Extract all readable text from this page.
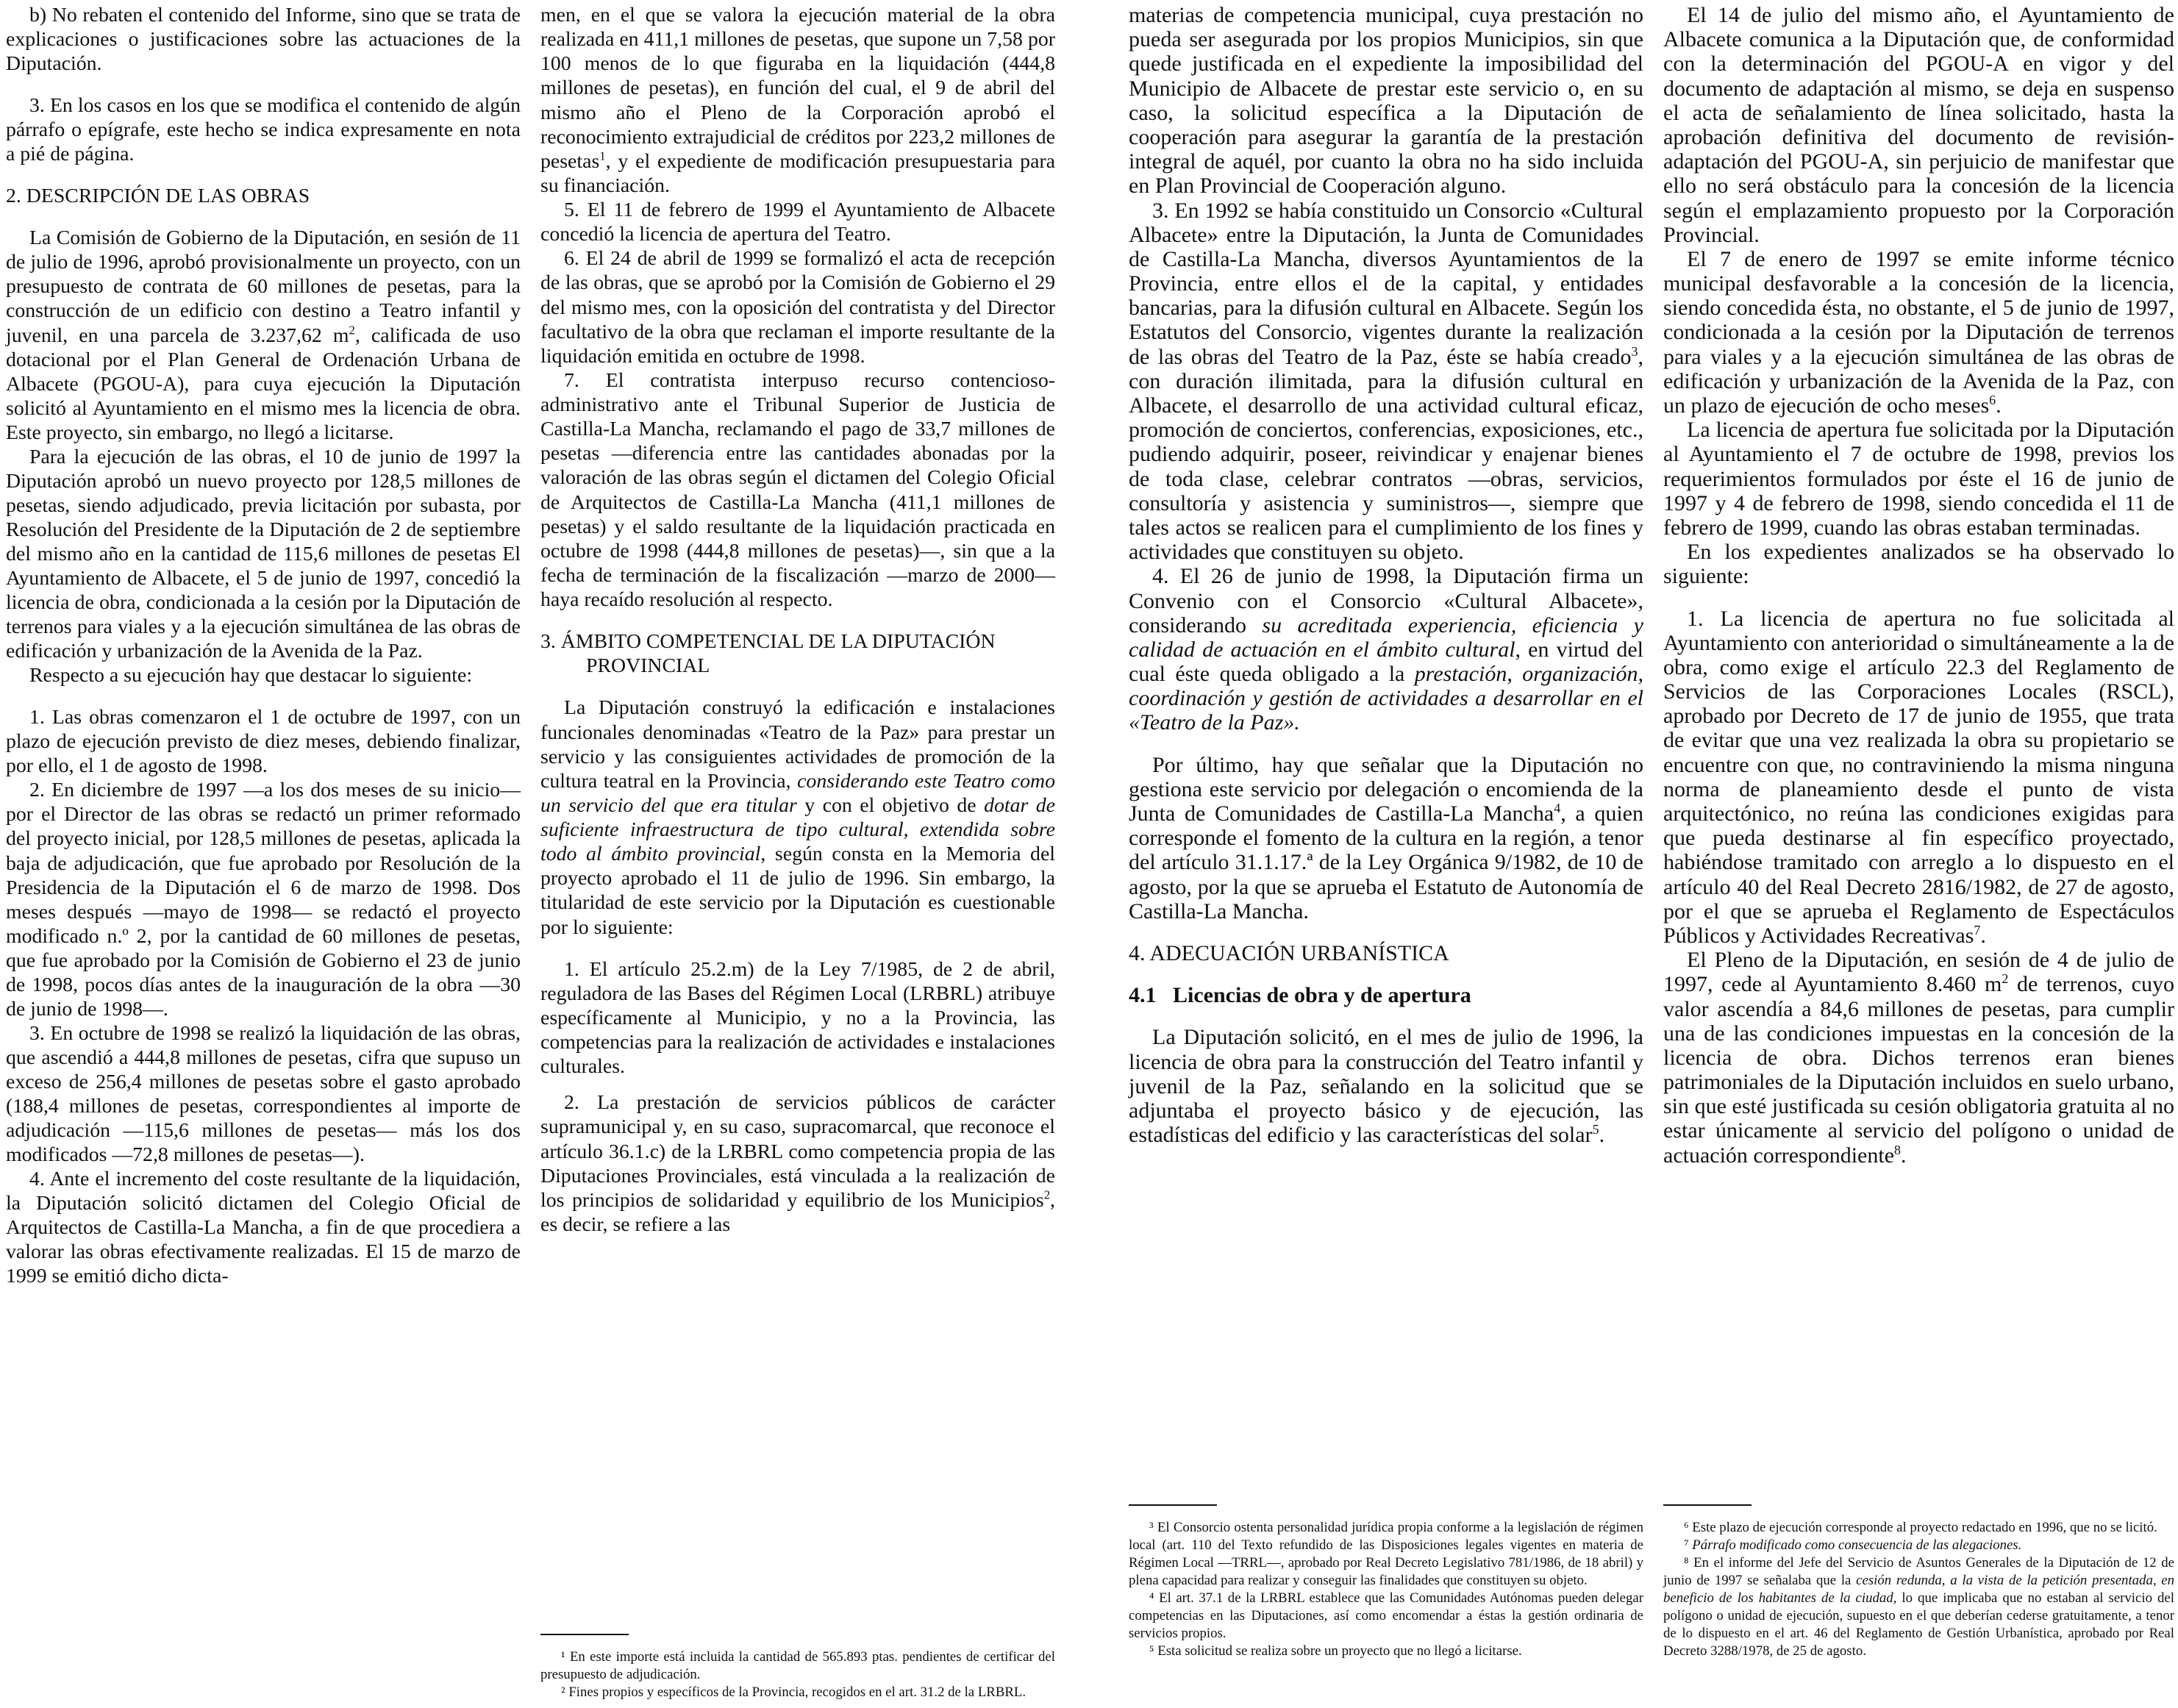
b) No rebaten el contenido del Informe, sino que se trata de explicaciones o justificaciones sobre las actuaciones de la Diputación.

3. En los casos en los que se modifica el contenido de algún párrafo o epígrafe, este hecho se indica expresamente en nota a pié de página.

2. DESCRIPCIÓN DE LAS OBRAS

La Comisión de Gobierno de la Diputación, en sesión de 11 de julio de 1996, aprobó provisionalmente un proyecto, con un presupuesto de contrata de 60 millones de pesetas, para la construcción de un edificio con destino a Teatro infantil y juvenil, en una parcela de 3.237,62 $m^2$, calificada de uso dotacional por el Plan General de Ordenación Urbana de Albacete (PGOU-A), para cuya ejecución la Diputación solicitó al Ayuntamiento en el mismo mes la licencia de obra. Este proyecto, sin embargo, no llegó a licitarse.

Para la ejecución de las obras, el 10 de junio de 1997 la Diputación aprobó un nuevo proyecto por 128,5 millones de pesetas, siendo adjudicado, previa licitación por subasta, por Resolución del Presidente de la Diputación de 2 de septiembre del mismo año en la cantidad de 115,6 millones de pesetas El Ayuntamiento de Albacete, el 5 de junio de 1997, concedió la licencia de obra, condicionada a la cesión por la Diputación de terrenos para viales y a la ejecución simultánea de las obras de edificación y urbanización de la Avenida de la Paz.

Respecto a su ejecución hay que destacar lo siguiente:

1. Las obras comenzaron el 1 de octubre de 1997, con un plazo de ejecución previsto de diez meses, debiendo finalizar, por ello, el 1 de agosto de 1998.

2. En diciembre de 1997 —a los dos meses de su inicio— por el Director de las obras se redactó un primer reformado del proyecto inicial, por 128,5 millones de pesetas, aplicada la baja de adjudicación, que fue aprobado por Resolución de la Presidencia de la Diputación el 6 de marzo de 1998. Dos meses después —mayo de 1998— se redactó el proyecto modificado n.º 2, por la cantidad de 60 millones de pesetas, que fue aprobado por la Comisión de Gobierno el 23 de junio de 1998, pocos días antes de la inauguración de la obra —30 de junio de 1998—.

3. En octubre de 1998 se realizó la liquidación de las obras, que ascendió a 444,8 millones de pesetas, cifra que supuso un exceso de 256,4 millones de pesetas sobre el gasto aprobado (188,4 millones de pesetas, correspondientes al importe de adjudicación —115,6 millones de pesetas— más los dos modificados —72,8 millones de pesetas—).

4. Ante el incremento del coste resultante de la liquidación, la Diputación solicitó dictamen del Colegio Oficial de Arquitectos de Castilla-La Mancha, a fin de que procediera a valorar las obras efectivamente realizadas. El 15 de marzo de 1999 se emitió dicho dicta-

men, en el que se valora la ejecución material de la obra realizada en 411,1 millones de pesetas, que supone un 7,58 por 100 menos de lo que figuraba en la liquidación (444,8 millones de pesetas), en función del cual, el 9 de abril del mismo año el Pleno de la Corporación aprobó el reconocimiento extrajudicial de créditos por 223,2 millones de pesetas$^1$, y el expediente de modificación presupuestaria para su financiación.

5. El 11 de febrero de 1999 el Ayuntamiento de Albacete concedió la licencia de apertura del Teatro.

6. El 24 de abril de 1999 se formalizó el acta de recepción de las obras, que se aprobó por la Comisión de Gobierno el 29 del mismo mes, con la oposición del contratista y del Director facultativo de la obra que reclaman el importe resultante de la liquidación emitida en octubre de 1998.

7. El contratista interpuso recurso contencioso-administrativo ante el Tribunal Superior de Justicia de Castilla-La Mancha, reclamando el pago de 33,7 millones de pesetas —diferencia entre las cantidades abonadas por la valoración de las obras según el dictamen del Colegio Oficial de Arquitectos de Castilla-La Mancha (411,1 millones de pesetas) y el saldo resultante de la liquidación practicada en octubre de 1998 (444,8 millones de pesetas)—, sin que a la fecha de terminación de la fiscalización —marzo de 2000— haya recaído resolución al respecto.

3. ÁMBITO COMPETENCIAL DE LA DIPUTACIÓN PROVINCIAL

La Diputación construyó la edificación e instalaciones funcionales denominadas «Teatro de la Paz» para prestar un servicio y las consiguientes actividades de promoción de la cultura teatral en la Provincia, considerando este Teatro como un servicio del que era titular y con el objetivo de dotar de suficiente infraestructura de tipo cultural, extendida sobre todo al ámbito provincial, según consta en la Memoria del proyecto aprobado el 11 de julio de 1996. Sin embargo, la titularidad de este servicio por la Diputación es cuestionable por lo siguiente:

1. El artículo 25.2.m) de la Ley 7/1985, de 2 de abril, reguladora de las Bases del Régimen Local (LRBRL) atribuye específicamente al Municipio, y no a la Provincia, las competencias para la realización de actividades e instalaciones culturales.

2. La prestación de servicios públicos de carácter supramunicipal y, en su caso, supracomarcal, que reconoce el artículo 36.1.c) de la LRBRL como competencia propia de las Diputaciones Provinciales, está vinculada a la realización de los principios de solidaridad y equilibrio de los Municipios$^2$, es decir, se refiere a las

¹ En este importe está incluida la cantidad de 565.893 ptas. pendientes de certificar del presupuesto de adjudicación.

² Fines propios y específicos de la Provincia, recogidos en el art. 31.2 de la LRBRL.

materias de competencia municipal, cuya prestación no pueda ser asegurada por los propios Municipios, sin que quede justificada en el expediente la imposibilidad del Municipio de Albacete de prestar este servicio o, en su caso, la solicitud específica a la Diputación de cooperación para asegurar la garantía de la prestación integral de aquél, por cuanto la obra no ha sido incluida en Plan Provincial de Cooperación alguno.

3. En 1992 se había constituido un Consorcio «Cultural Albacete» entre la Diputación, la Junta de Comunidades de Castilla-La Mancha, diversos Ayuntamientos de la Provincia, entre ellos el de la capital, y entidades bancarias, para la difusión cultural en Albacete. Según los Estatutos del Consorcio, vigentes durante la realización de las obras del Teatro de la Paz, éste se había creado$^3$, con duración ilimitada, para la difusión cultural en Albacete, el desarrollo de una actividad cultural eficaz, promoción de conciertos, conferencias, exposiciones, etc., pudiendo adquirir, poseer, reivindicar y enajenar bienes de toda clase, celebrar contratos —obras, servicios, consultoría y asistencia y suministros—, siempre que tales actos se realicen para el cumplimiento de los fines y actividades que constituyen su objeto.

4. El 26 de junio de 1998, la Diputación firma un Convenio con el Consorcio «Cultural Albacete», considerando su acreditada experiencia, eficiencia y calidad de actuación en el ámbito cultural, en virtud del cual éste queda obligado a la prestación, organización, coordinación y gestión de actividades a desarrollar en el «Teatro de la Paz».

Por último, hay que señalar que la Diputación no gestiona este servicio por delegación o encomienda de la Junta de Comunidades de Castilla-La Mancha$^4$, a quien corresponde el fomento de la cultura en la región, a tenor del artículo 31.1.17.ª de la Ley Orgánica 9/1982, de 10 de agosto, por la que se aprueba el Estatuto de Autonomía de Castilla-La Mancha.

4. ADECUACIÓN URBANÍSTICA

4.1 Licencias de obra y de apertura

La Diputación solicitó, en el mes de julio de 1996, la licencia de obra para la construcción del Teatro infantil y juvenil de la Paz, señalando en la solicitud que se adjuntaba el proyecto básico y de ejecución, las estadísticas del edificio y las características del solar$^5$.

³ El Consorcio ostenta personalidad jurídica propia conforme a la legislación de régimen local (art. 110 del Texto refundido de las Disposiciones legales vigentes en materia de Régimen Local —TRRL—, aprobado por Real Decreto Legislativo 781/1986, de 18 abril) y plena capacidad para realizar y conseguir las finalidades que constituyen su objeto.

⁴ El art. 37.1 de la LRBRL establece que las Comunidades Autónomas pueden delegar competencias en las Diputaciones, así como encomendar a éstas la gestión ordinaria de servicios propios.

⁵ Esta solicitud se realiza sobre un proyecto que no llegó a licitarse.

El 14 de julio del mismo año, el Ayuntamiento de Albacete comunica a la Diputación que, de conformidad con la determinación del PGOU-A en vigor y del documento de adaptación al mismo, se deja en suspenso el acta de señalamiento de línea solicitado, hasta la aprobación definitiva del documento de revisión-adaptación del PGOU-A, sin perjuicio de manifestar que ello no será obstáculo para la concesión de la licencia según el emplazamiento propuesto por la Corporación Provincial.

El 7 de enero de 1997 se emite informe técnico municipal desfavorable a la concesión de la licencia, siendo concedida ésta, no obstante, el 5 de junio de 1997, condicionada a la cesión por la Diputación de terrenos para viales y a la ejecución simultánea de las obras de edificación y urbanización de la Avenida de la Paz, con un plazo de ejecución de ocho meses$^6$.

La licencia de apertura fue solicitada por la Diputación al Ayuntamiento el 7 de octubre de 1998, previos los requerimientos formulados por éste el 16 de junio de 1997 y 4 de febrero de 1998, siendo concedida el 11 de febrero de 1999, cuando las obras estaban terminadas.

En los expedientes analizados se ha observado lo siguiente:

1. La licencia de apertura no fue solicitada al Ayuntamiento con anterioridad o simultáneamente a la de obra, como exige el artículo 22.3 del Reglamento de Servicios de las Corporaciones Locales (RSCL), aprobado por Decreto de 17 de junio de 1955, que trata de evitar que una vez realizada la obra su propietario se encuentre con que, no contraviniendo la misma ninguna norma de planeamiento desde el punto de vista arquitectónico, no reúna las condiciones exigidas para que pueda destinarse al fin específico proyectado, habiéndose tramitado con arreglo a lo dispuesto en el artículo 40 del Real Decreto 2816/1982, de 27 de agosto, por el que se aprueba el Reglamento de Espectáculos Públicos y Actividades Recreativas$^7$.

El Pleno de la Diputación, en sesión de 4 de julio de 1997, cede al Ayuntamiento 8.460 $m^2$ de terrenos, cuyo valor ascendía a 84,6 millones de pesetas, para cumplir una de las condiciones impuestas en la concesión de la licencia de obra. Dichos terrenos eran bienes patrimoniales de la Diputación incluidos en suelo urbano, sin que esté justificada su cesión obligatoria gratuita al no estar únicamente al servicio del polígono o unidad de actuación correspondiente$^8$.

⁶ Este plazo de ejecución corresponde al proyecto redactado en 1996, que no se licitó.

⁷ Párrafo modificado como consecuencia de las alegaciones.

⁸ En el informe del Jefe del Servicio de Asuntos Generales de la Diputación de 12 de junio de 1997 se señalaba que la cesión redunda, a la vista de la petición presentada, en beneficio de los habitantes de la ciudad, lo que implicaba que no estaban al servicio del polígono o unidad de ejecución, supuesto en el que deberían cederse gratuitamente, a tenor de lo dispuesto en el art. 46 del Reglamento de Gestión Urbanística, aprobado por Real Decreto 3288/1978, de 25 de agosto.
